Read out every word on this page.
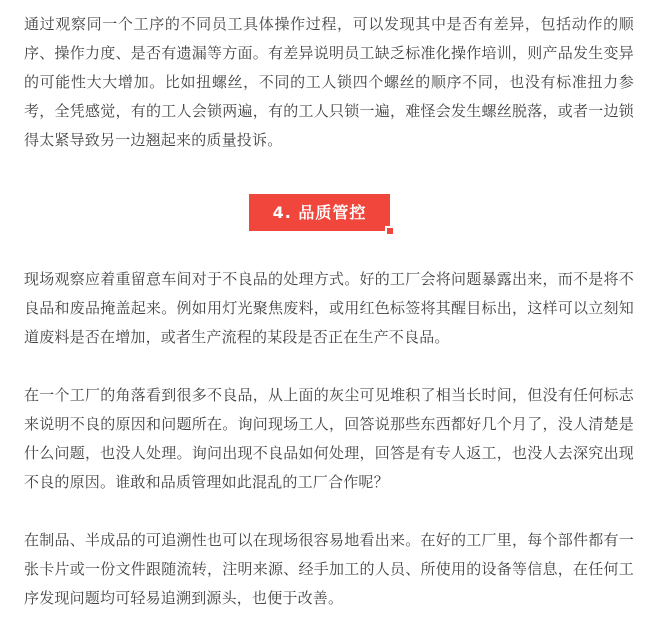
通过观察同一个工序的不同员工具体操作过程，可以发现其中是否有差异，包括动作的顺序、操作力度、是否有遗漏等方面。有差异说明员工缺乏标准化操作培训，则产品发生变异的可能性大大增加。比如扭螺丝，不同的工人锁四个螺丝的顺序不同，也没有标准扭力参考，全凭感觉，有的工人会锁两遍，有的工人只锁一遍，难怪会发生螺丝脱落，或者一边锁得太紧导致另一边翘起来的质量投诉。

4. 品质管控

现场观察应着重留意车间对于不良品的处理方式。好的工厂会将问题暴露出来，而不是将不良品和废品掩盖起来。例如用灯光聚焦废料，或用红色标签将其醒目标出，这样可以立刻知道废料是否在增加，或者生产流程的某段是否正在生产不良品。

在一个工厂的角落看到很多不良品，从上面的灰尘可见堆积了相当长时间，但没有任何标志来说明不良的原因和问题所在。询问现场工人，回答说那些东西都好几个月了，没人清楚是什么问题，也没人处理。询问出现不良品如何处理，回答是有专人返工，也没人去深究出现不良的原因。谁敢和品质管理如此混乱的工厂合作呢？

在制品、半成品的可追溯性也可以在现场很容易地看出来。在好的工厂里，每个部件都有一张卡片或一份文件跟随流转，注明来源、经手加工的人员、所使用的设备等信息，在任何工序发现问题均可轻易追溯到源头，也便于改善。
